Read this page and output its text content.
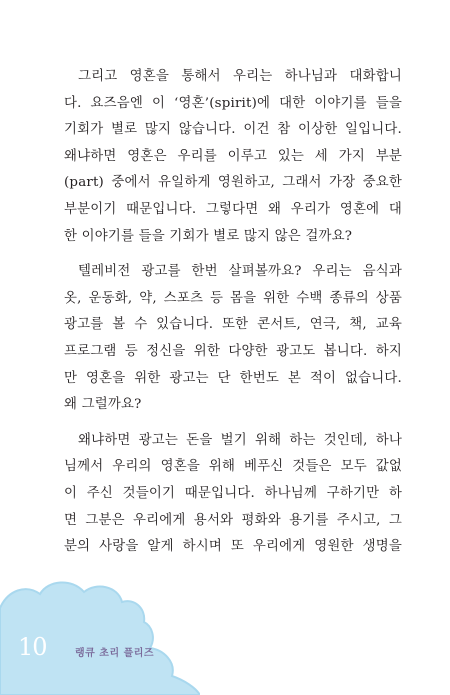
그리고 영혼을 통해서 우리는 하나님과 대화합니
다. 요즈음엔 이 ‘영혼’(spirit)에 대한 이야기를 들을
기회가 별로 많지 않습니다. 이건 참 이상한 일입니다.
왜냐하면 영혼은 우리를 이루고 있는 세 가지 부분
(part) 중에서 유일하게 영원하고, 그래서 가장 중요한
부분이기 때문입니다. 그렇다면 왜 우리가 영혼에 대
한 이야기를 들을 기회가 별로 많지 않은 걸까요?

텔레비전 광고를 한번 살펴볼까요? 우리는 음식과
옷, 운동화, 약, 스포츠 등 몸을 위한 수백 종류의 상품
광고를 볼 수 있습니다. 또한 콘서트, 연극, 책, 교육
프로그램 등 정신을 위한 다양한 광고도 봅니다. 하지
만 영혼을 위한 광고는 단 한번도 본 적이 없습니다.
왜 그럴까요?

왜냐하면 광고는 돈을 벌기 위해 하는 것인데, 하나
님께서 우리의 영혼을 위해 베푸신 것들은 모두 값없
이 주신 것들이기 때문입니다. 하나님께 구하기만 하
면 그분은 우리에게 용서와 평화와 용기를 주시고, 그
분의 사랑을 알게 하시며 또 우리에게 영원한 생명을

10	랭큐 초리 플리즈
